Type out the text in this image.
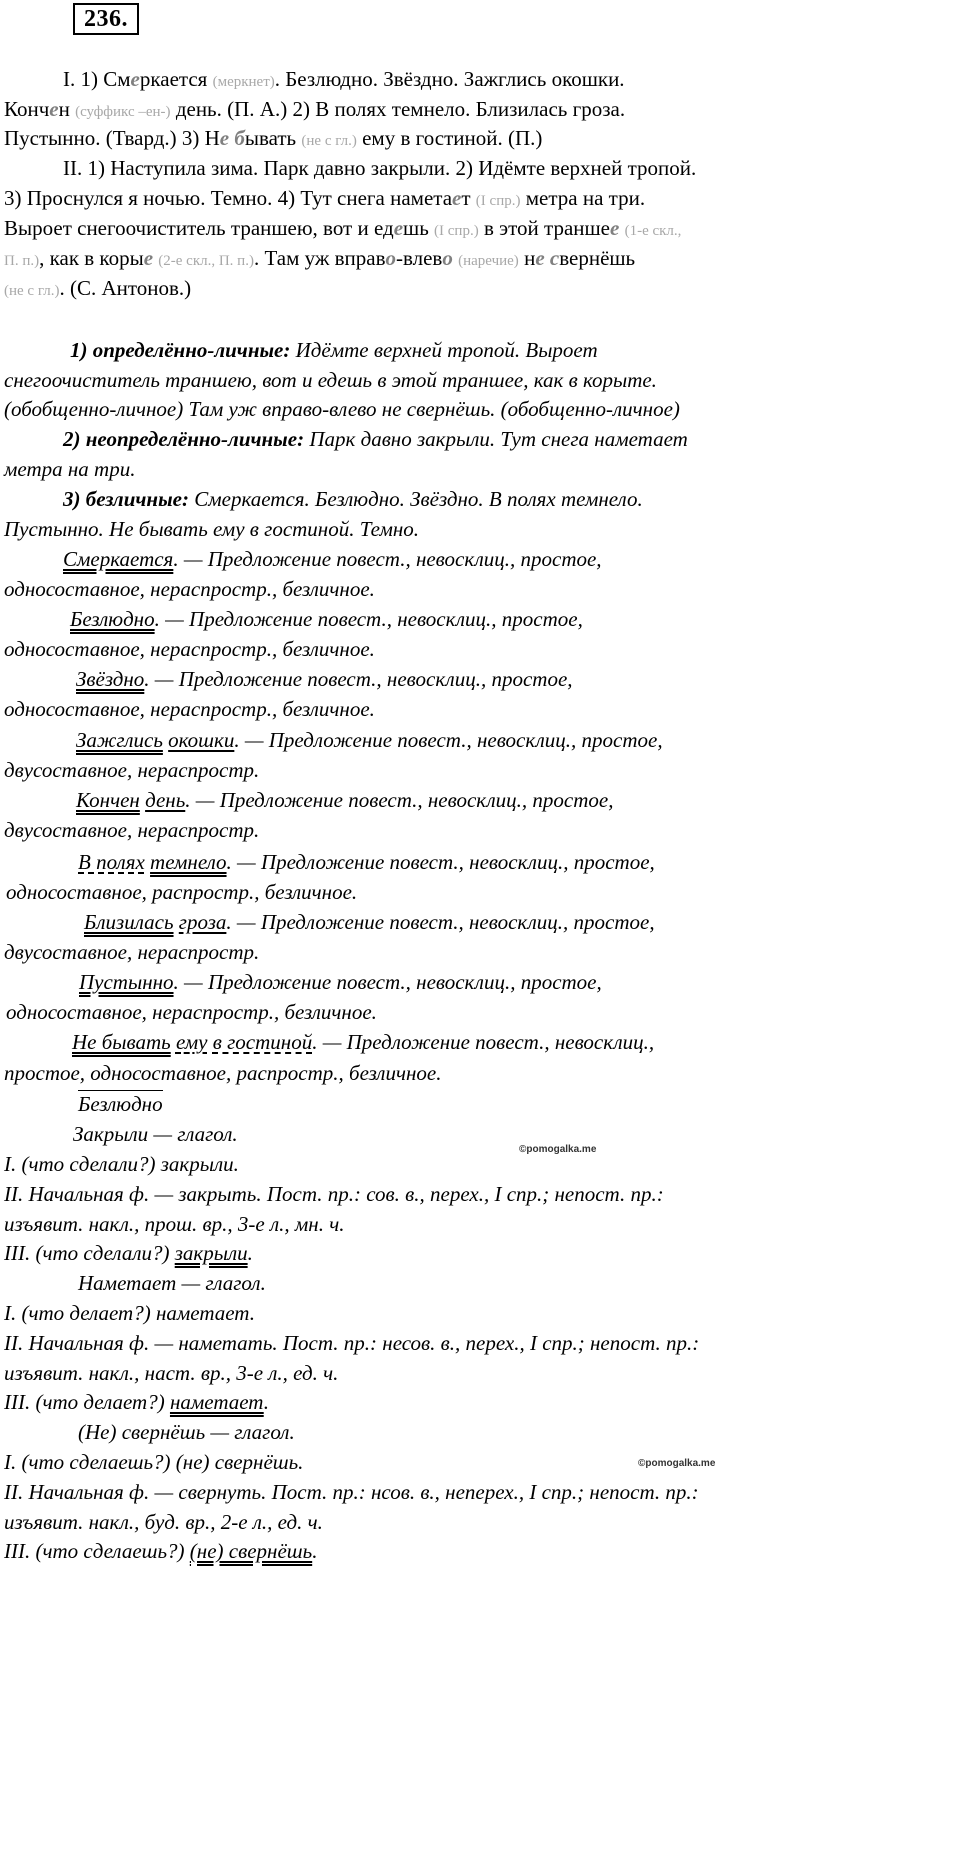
236.
I. 1) Смеркается (меркнет). Безлюдно. Звёздно. Зажглись окошки.
Кончен (суффикс –ен-) день. (П. А.) 2) В полях темнело. Близилась гроза.
Пустынно. (Твард.) 3) Не бывать (не с гл.) ему в гостиной. (П.)
II. 1) Наступила зима. Парк давно закрыли. 2) Идёмте верхней тропой.
3) Проснулся я ночью. Темно. 4) Тут снега наметает (I спр.) метра на три.
Выроет снегоочиститель траншею, вот и едешь (I спр.) в этой траншее (1-е скл.,
П. п.), как в корые (2-е скл., П. п.). Там уж вправо-влево (наречие) не свернёшь
(не с гл.). (С. Антонов.)
1) определённо-личные: Идёмте верхней тропой. Выроет
снегоочиститель траншею, вот и едешь в этой траншее, как в корыте.
(обобщенно-личное) Там уж вправо-влево не свернёшь. (обобщенно-личное)
2) неопределённо-личные: Парк давно закрыли. Тут снега наметает
метра на три.
3) безличные: Смеркается. Безлюдно. Звёздно. В полях темнело.
Пустынно. Не бывать ему в гостиной. Темно.
Смеркается. — Предложение повест., невосклиц., простое,
односоставное, нераспростр., безличное.
Безлюдно. — Предложение повест., невосклиц., простое,
односоставное, нераспростр., безличное.
Звёздно. — Предложение повест., невосклиц., простое,
односоставное, нераспростр., безличное.
Зажглись окошки. — Предложение повест., невосклиц., простое,
двусоставное, нераспростр.
Кончен день. — Предложение повест., невосклиц., простое,
двусоставное, нераспростр.
В полях темнело. — Предложение повест., невосклиц., простое,
односоставное, распростр., безличное.
Близилась гроза. — Предложение повест., невосклиц., простое,
двусоставное, нераспростр.
Пустынно. — Предложение повест., невосклиц., простое,
односоставное, нераспростр., безличное.
Не бывать ему в гостиной. — Предложение повест., невосклиц.,
простое, односоставное, распростр., безличное.
Безлюдно
Закрыли — глагол.
I. (что сделали?) закрыли.
II. Начальная ф. — закрыть. Пост. пр.: сов. в., перех., I спр.; непост. пр.:
изъявит. накл., прош. вр., 3-е л., мн. ч.
III. (что сделали?) закрыли.
Наметает — глагол.
I. (что делает?) наметает.
II. Начальная ф. — наметать. Пост. пр.: несов. в., перех., I спр.; непост. пр.:
изъявит. накл., наст. вр., 3-е л., ед. ч.
III. (что делает?) наметает.
(Не) свернёшь — глагол.
I. (что сделаешь?) (не) свернёшь.
II. Начальная ф. — свернуть. Пост. пр.: нсов. в., неперех., I спр.; непост. пр.:
изъявит. накл., буд. вр., 2-е л., ед. ч.
III. (что сделаешь?) (не) свернёшь.
©pomogalka.me
©pomogalka.me
